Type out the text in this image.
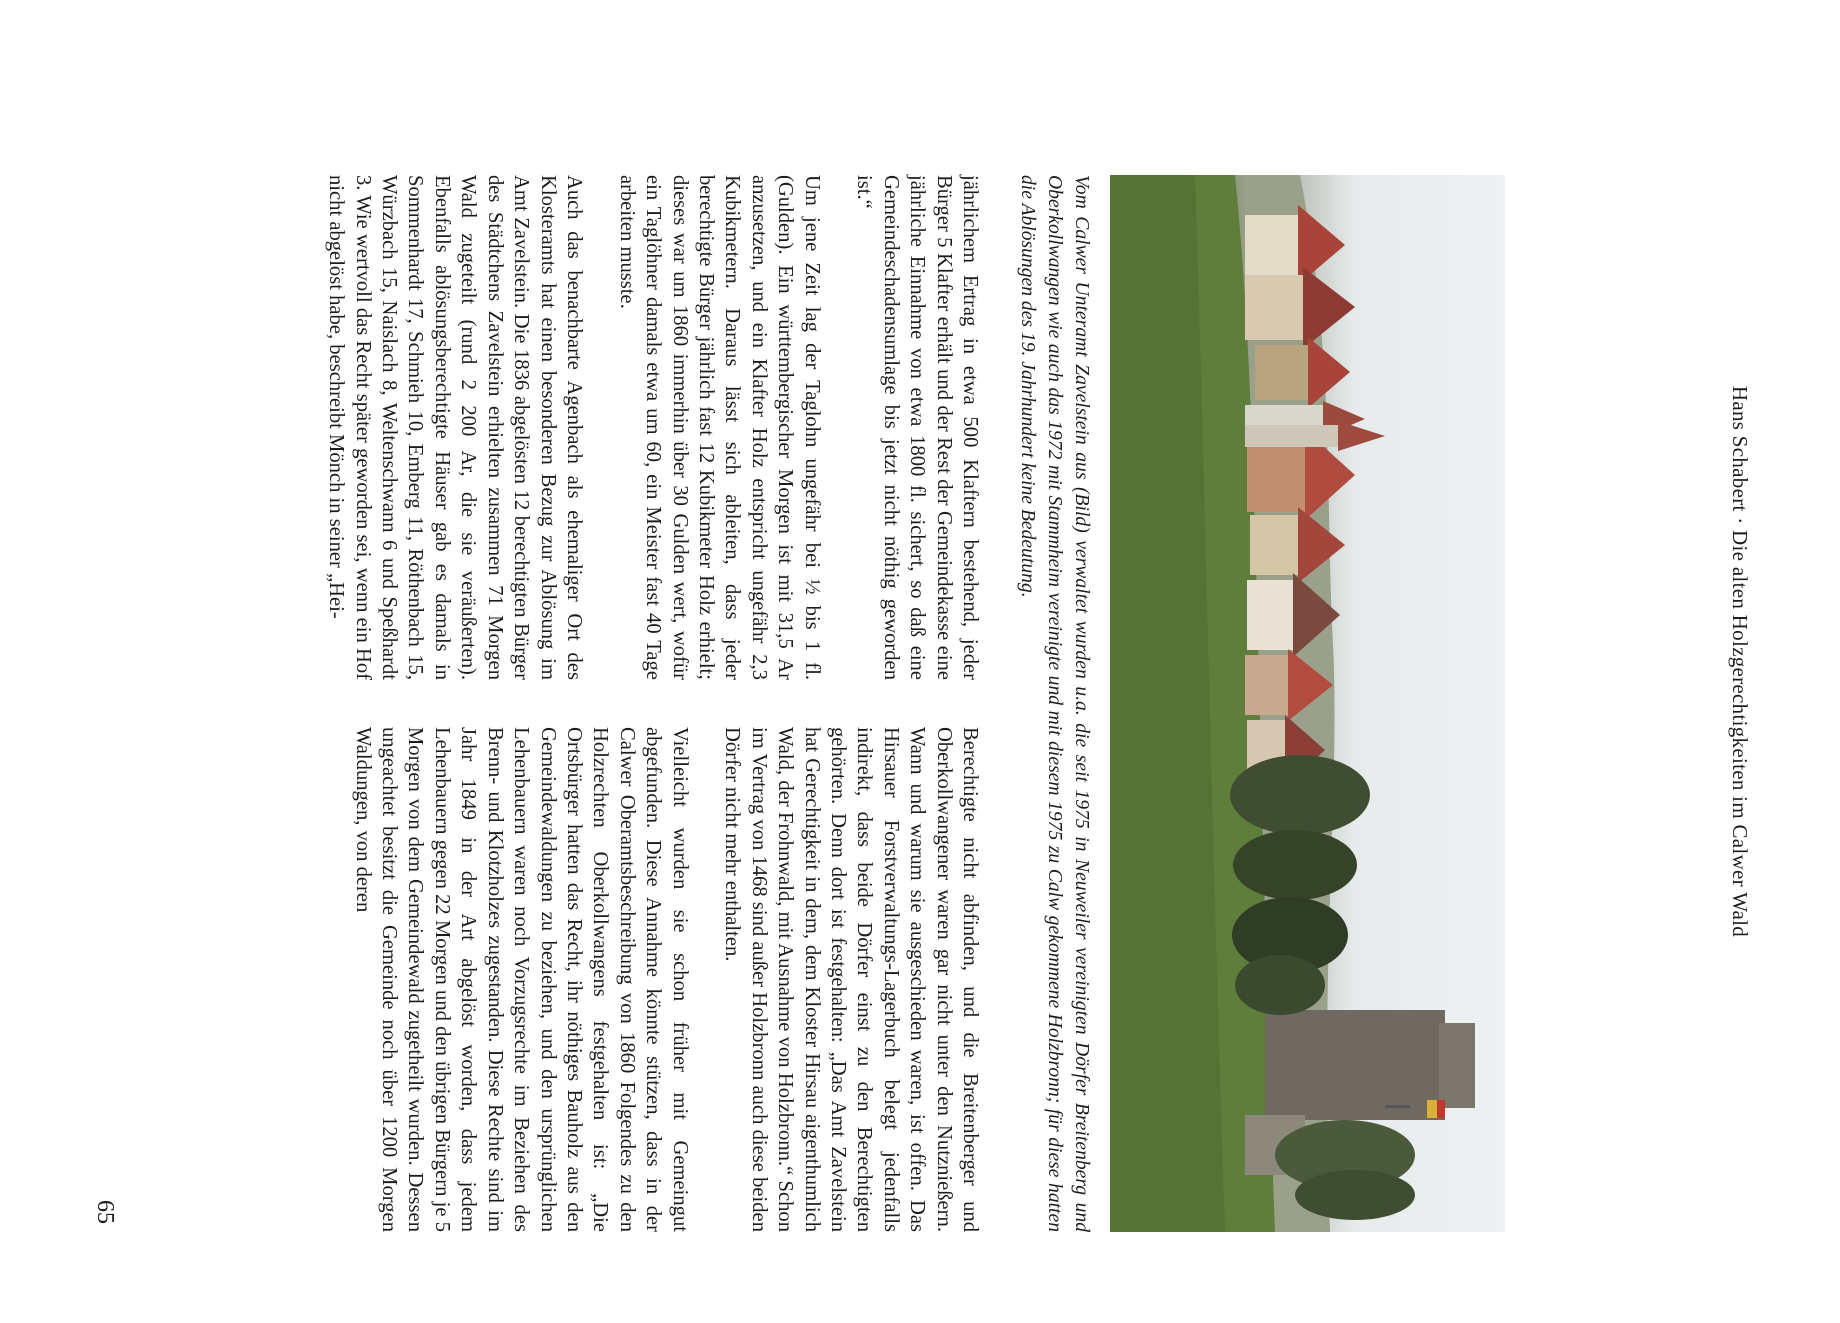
Hans Schabert · Die alten Holzgerechtigkeiten im Calwer Wald
Vom Calwer Unteramt Zavelstein aus (Bild) verwaltet wurden u.a. die seit 1975 in Neuweiler vereinigten Dörfer Breitenberg und Oberkollwangen wie auch das 1972 mit Stammheim vereinigte und mit diesem 1975 zu Calw gekommene Holzbronn; für diese hatten die Ablösungen des 19. Jahrhundert keine Bedeutung.

jährlichem Ertrag in etwa 500 Klaftern bestehend, jeder Bürger 5 Klafter erhält und der Rest der Gemeindekasse eine jährliche Einnahme von etwa 1800 fl. sichert, so daß eine Gemeindeschadensumlage bis jetzt nicht nöthig geworden ist.“

Um jene Zeit lag der Taglohn ungefähr bei ½ bis 1 fl. (Gulden). Ein württembergischer Morgen ist mit 31,5 Ar anzusetzen, und ein Klafter Holz entspricht ungefähr 2,3 Kubikmetern. Daraus lässt sich ableiten, dass jeder berechtigte Bürger jährlich fast 12 Kubikmeter Holz erhielt; dieses war um 1860 immerhin über 30 Gulden wert, wofür ein Taglöhner damals etwa um 60, ein Meister fast 40 Tage arbeiten musste.

Auch das benachbarte Agenbach als ehemaliger Ort des Klosteramts hat einen besonderen Bezug zur Ablösung im Amt Zavelstein. Die 1836 abgelösten 12 berechtigten Bürger des Städtchens Zavelstein erhielten zusammen 71 Morgen Wald zugeteilt (rund 2 200 Ar, die sie veräußerten). Ebenfalls ablösungsberechtigte Häuser gab es damals in Sommenhardt 17, Schmieh 10, Emberg 11, Röthenbach 15, Würzbach 15, Naislach 8, Weltenschwann 6 und Speßhardt 3. Wie wertvoll das Recht später geworden sei, wenn ein Hof nicht abgelöst habe, beschreibt Mönch in seiner „Hei-

Berechtigte nicht abfinden, und die Breitenberger und Oberkollwangener waren gar nicht unter den Nutznießern. Wann und warum sie ausgeschieden waren, ist offen. Das Hirsauer Forstverwaltungs-Lagerbuch belegt jedenfalls indirekt, dass beide Dörfer einst zu den Berechtigten gehörten. Denn dort ist festgehalten: „Das Amt Zavelstein hat Gerechtigkeit in dem, dem Kloster Hirsau aigenthumlich Wald, der Frohnwald, mit Ausnahme von Holzbronn.“ Schon im Vertrag von 1468 sind außer Holzbronn auch diese beiden Dörfer nicht mehr enthalten.

Vielleicht wurden sie schon früher mit Gemeingut abgefunden. Diese Annahme könnte stützen, dass in der Calwer Oberamtsbeschreibung von 1860 Folgendes zu den Holzrechten Oberkollwangens festgehalten ist: „Die Ortsbürger hatten das Recht, ihr nöthiges Bauholz aus den Gemeindewaldungen zu beziehen, und den ursprünglichen Lehenbauern waren noch Vorzugsrechte im Beziehen des Brenn- und Klotzholzes zugestanden. Diese Rechte sind im Jahr 1849 in der Art abgelöst worden, dass jedem Lehenbauern gegen 22 Morgen und den übrigen Bürgern je 5 Morgen von dem Gemeindewald zugetheilt wurden. Dessen ungeachtet besitzt die Gemeinde noch über 1200 Morgen Waldungen, von deren

65
